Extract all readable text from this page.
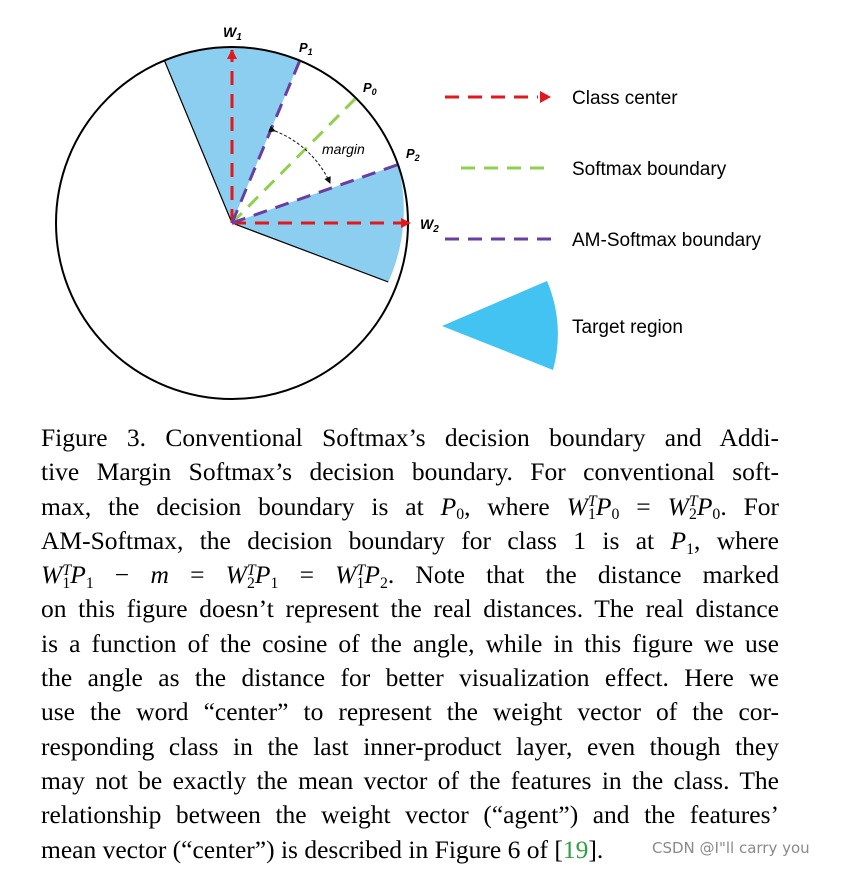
margin
$W_1$
$P_1$
$P_0$
$P_2$
$W_2$
Class center
Softmax boundary
AM-Softmax boundary
Target region
Figure 3. Conventional Softmax’s decision boundary and Addi-
tive Margin Softmax’s decision boundary. For conventional soft-
max, the decision boundary is at P0, where $W^T1P0 = W^T2P0$. For
AM-Softmax, the decision boundary for class 1 is at P1, where
$W^T1P1 - m = W^T2P1 = W^T1P2$. Note that the distance marked
on this figure doesn’t represent the real distances. The real distance
is a function of the cosine of the angle, while in this figure we use
the angle as the distance for better visualization effect. Here we
use the word “center” to represent the weight vector of the cor-
responding class in the last inner-product layer, even though they
may not be exactly the mean vector of the features in the class. The
relationship between the weight vector (“agent”) and the features’
mean vector (“center”) is described in Figure 6 of [19].	CSDN @I"ll carry you
